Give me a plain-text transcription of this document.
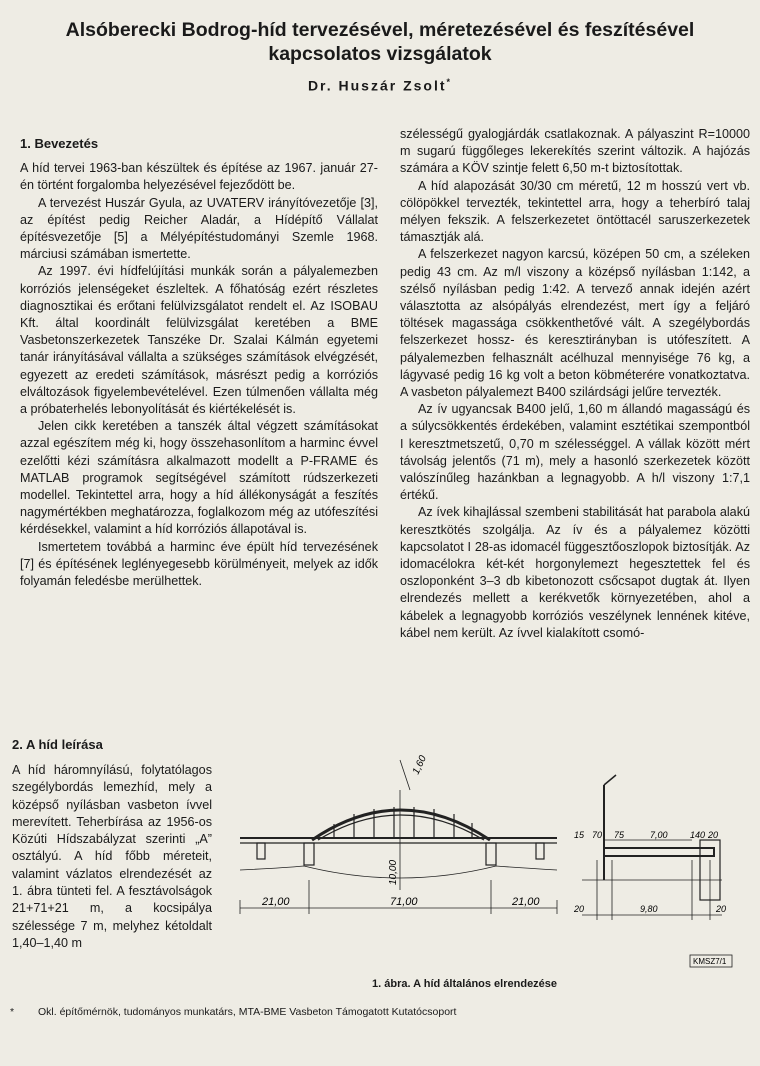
Alsóberecki Bodrog-híd tervezésével, méretezésével és feszítésével kapcsolatos vizsgálatok
Dr. Huszár Zsolt*
1. Bevezetés

A híd tervei 1963-ban készültek és építése az 1967. január 27-én történt forgalomba helyezésével fejeződött be.

A tervezést Huszár Gyula, az UVATERV irányítóvezetője [3], az építést pedig Reicher Aladár, a Hídépítő Vállalat építésvezetője [5] a Mélyépítéstudományi Szemle 1968. márciusi számában ismertette.

Az 1997. évi hídfelújítási munkák során a pályalemezben korróziós jelenségeket észleltek. A főhatóság ezért részletes diagnosztikai és erőtani felülvizsgálatot rendelt el. Az ISOBAU Kft. által koordinált felülvizsgálat keretében a BME Vasbetonszerkezetek Tanszéke Dr. Szalai Kálmán egyetemi tanár irányításával vállalta a szükséges számítások elvégzését, egyezett az eredeti számítások, másrészt pedig a korróziós elváltozások figyelembevételével. Ezen túlmenően vállalta még a próbaterhelés lebonyolítását és kiértékelését is.

Jelen cikk keretében a tanszék által végzett számításokat azzal egészítem még ki, hogy összehasonlítom a harminc évvel ezelőtti kézi számításra alkalmazott modellt a P-FRAME és MATLAB programok segítségével számított rúdszerkezeti modellel. Tekintettel arra, hogy a híd állékonyságát a feszítés nagymértékben meghatározza, foglalkozom még az utófeszítési kérdésekkel, valamint a híd korróziós állapotával is.

Ismertetem továbbá a harminc éve épült híd tervezésének [7] és építésének leglényegesebb körülményeit, melyek az idők folyamán feledésbe merülhettek.

2. A híd leírása

A híd háromnyílású, folytatólagos szegélybordás lemezhíd, mely a középső nyílásban vasbeton ívvel merevített. Teherbírása az 1956-os Közúti Hídszabályzat szerinti „A” osztályú. A híd főbb méreteit, valamint vázlatos elrendezését az 1. ábra tünteti fel. A fesztávolságok 21+71+21 m, a kocsipálya szélessége 7 m, melyhez kétoldalt 1,40–1,40 m

szélességű gyalogjárdák csatlakoznak. A pályaszint R=10000 m sugarú függőleges lekerekítés szerint változik. A hajózás számára a KÖV szintje felett 6,50 m-t biztosítottak.

A híd alapozását 30/30 cm méretű, 12 m hosszú vert vb. cölöpökkel tervezték, tekintettel arra, hogy a teherbíró talaj mélyen fekszik. A felszerkezetet öntöttacél saruszerkezetek támasztják alá.

A felszerkezet nagyon karcsú, középen 50 cm, a széleken pedig 43 cm. Az m/l viszony a középső nyílásban 1:142, a szélső nyílásban pedig 1:42. A tervező annak idején azért választotta az alsópályás elrendezést, mert így a feljáró töltések magassága csökkenthetővé vált. A szegélybordás felszerkezet hossz- és keresztirányban is utófeszített. A pályalemezben felhasznált acélhuzal mennyisége 76 kg, a lágyvasé pedig 16 kg volt a beton köbméterére vonatkoztatva. A vasbeton pályalemezt B400 szilárdsági jelűre tervezték.

Az ív ugyancsak B400 jelű, 1,60 m állandó magasságú és a súlycsökkentés érdekében, valamint esztétikai szempontból I keresztmetszetű, 0,70 m szélességgel. A vállak között mért távolság jelentős (71 m), mely a hasonló szerkezetek között valószínűleg hazánkban a legnagyobb. A h/l viszony 1:7,1 értékű.

Az ívek kihajlással szembeni stabilitását hat parabola alakú keresztkötés szolgálja. Az ív és a pályalemez közötti kapcsolatot I 28-as idomacél függesztőoszlopok biztosítják. Az idomacélokra két-két horgonylemezt hegesztettek fel és oszloponként 3–3 db kibetonozott csőcsapot dugtak át. Ilyen elrendezés mellett a kerékvetők környezetében, ahol a kábelek a legnagyobb korróziós veszélynek lennének kitéve, kábel nem került. Az ívvel kialakított csomó-

21,00	71,00	21,00
10,00
1,60
15 70 75	7,00 140 20
20	9,80	20
KMSZ7/1
1. ábra. A híd általános elrendezése
* Okl. építőmérnök, tudományos munkatárs, MTA-BME Vasbeton Támogatott Kutatócsoport
